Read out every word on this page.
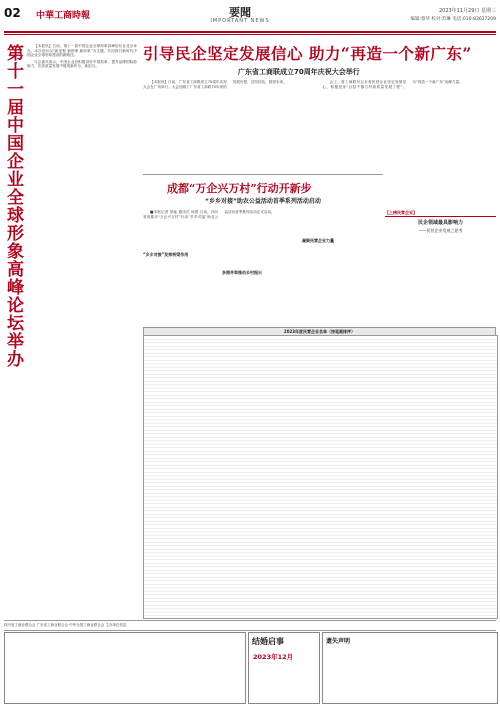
02 中華工商時報	要聞
IMPORTANT NEWS
2023年11月29日 星期三
编辑:蔡华 校对:苏琳 电话:010-83637209
第十一届中国企业全球形象高峰论坛举办	【本报讯】日前，第十一届中国企业全球形象高峰论坛在北京举办。本次论坛以“新征程 新使命 新形象”为主题，共同探讨新时代中国企业全球形象建设的新路径。

与会嘉宾表示，中国企业应积极讲好中国故事，提升品牌国际影响力，在高质量发展中展现新作为、新担当。

引导民企坚定发展信心 助力“再造一个新广东”
广东省工商联成立70周年庆祝大会举行

【本报讯】日前，广东省工商联成立70周年庆祝大会在广州举行。大会回顾了广东省工商联70年来的发展历程，总结经验，展望未来。	会上，省工商联号召全省民营企业坚定发展信心，积极投身“百县千镇万村高质量发展工程”，为“再造一个新广东”贡献力量。

成都“万企兴万村”行动开新步
“乡乡对接”助农公益活动首季系列活动启动

■本报记者 蔡灿 通讯员 何蒙 日前，四川省成都市“万企兴万村”行动“乡乡对接”助农公益活动首季系列活动正式启动。

“乡乡对接”发挥桥梁作用
多措并举推动乡村振兴
凝聚民营企业力量
【上榜民营企业】
民企领域最具影响力
——民营企业发展之思考
2023年度民营企业名单（按笔画排序）
四川省工商业联合会 广东省工商业联合会 中华全国工商业联合会 主办单位信息
结婚启事
2023年12月
遗失声明
